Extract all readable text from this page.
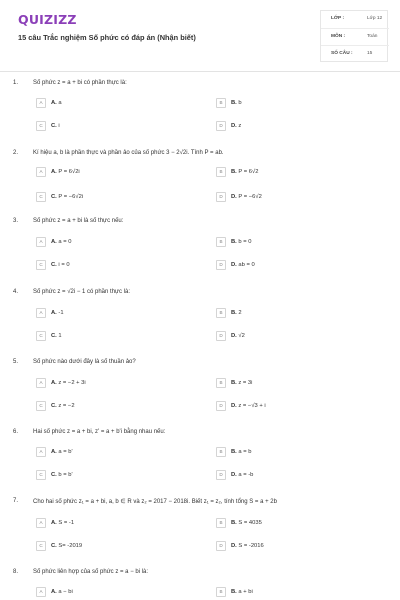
QUIZIZZ
15 câu Trắc nghiệm Số phức có đáp án (Nhận biết)
LỚP :	Lớp 12
MÔN :	Toán
SỐ CÂU :	15
1. Số phức z = a + bi có phần thực là:
A	A. a	B	B. b
C	C. i	D	D. z
2. Kí hiệu a, b là phần thực và phần ảo của số phức 3 − 2√2i. Tính P = ab.
A	A. P = 6√2i	B	B. P = 6√2
C	C. P = −6√2i	D	D. P = −6√2
3. Số phức z = a + bi là số thực nếu:
A	A. a = 0	B	B. b = 0
C	C. i = 0	D	D. ab = 0
4. Số phức z = √2i − 1 có phần thực là:
A	A. -1	B	B. 2
C	C. 1	D	D. √2
5. Số phức nào dưới đây là số thuần ảo?
A	A. z = −2 + 3i	B	B. z = 3i
C	C. z = −2	D	D. z = −√3 + i
6. Hai số phức z = a + bi, z' = a + b'i bằng nhau nếu:
A	A. a = b'	B	B. a = b
C	C. b = b'	D	D. a = -b
7. Cho hai số phức z₁ = a + bi, a, b ∈ R và z₂ = 2017 − 2018i. Biết z₁ = z₂, tính tổng S = a + 2b
A	A. S = -1	B	B. S = 4035
C	C. S= -2019	D	D. S = -2016
8. Số phức liên hợp của số phức z = a − bi là:
A	A. a − bi	B	B. a + bi
